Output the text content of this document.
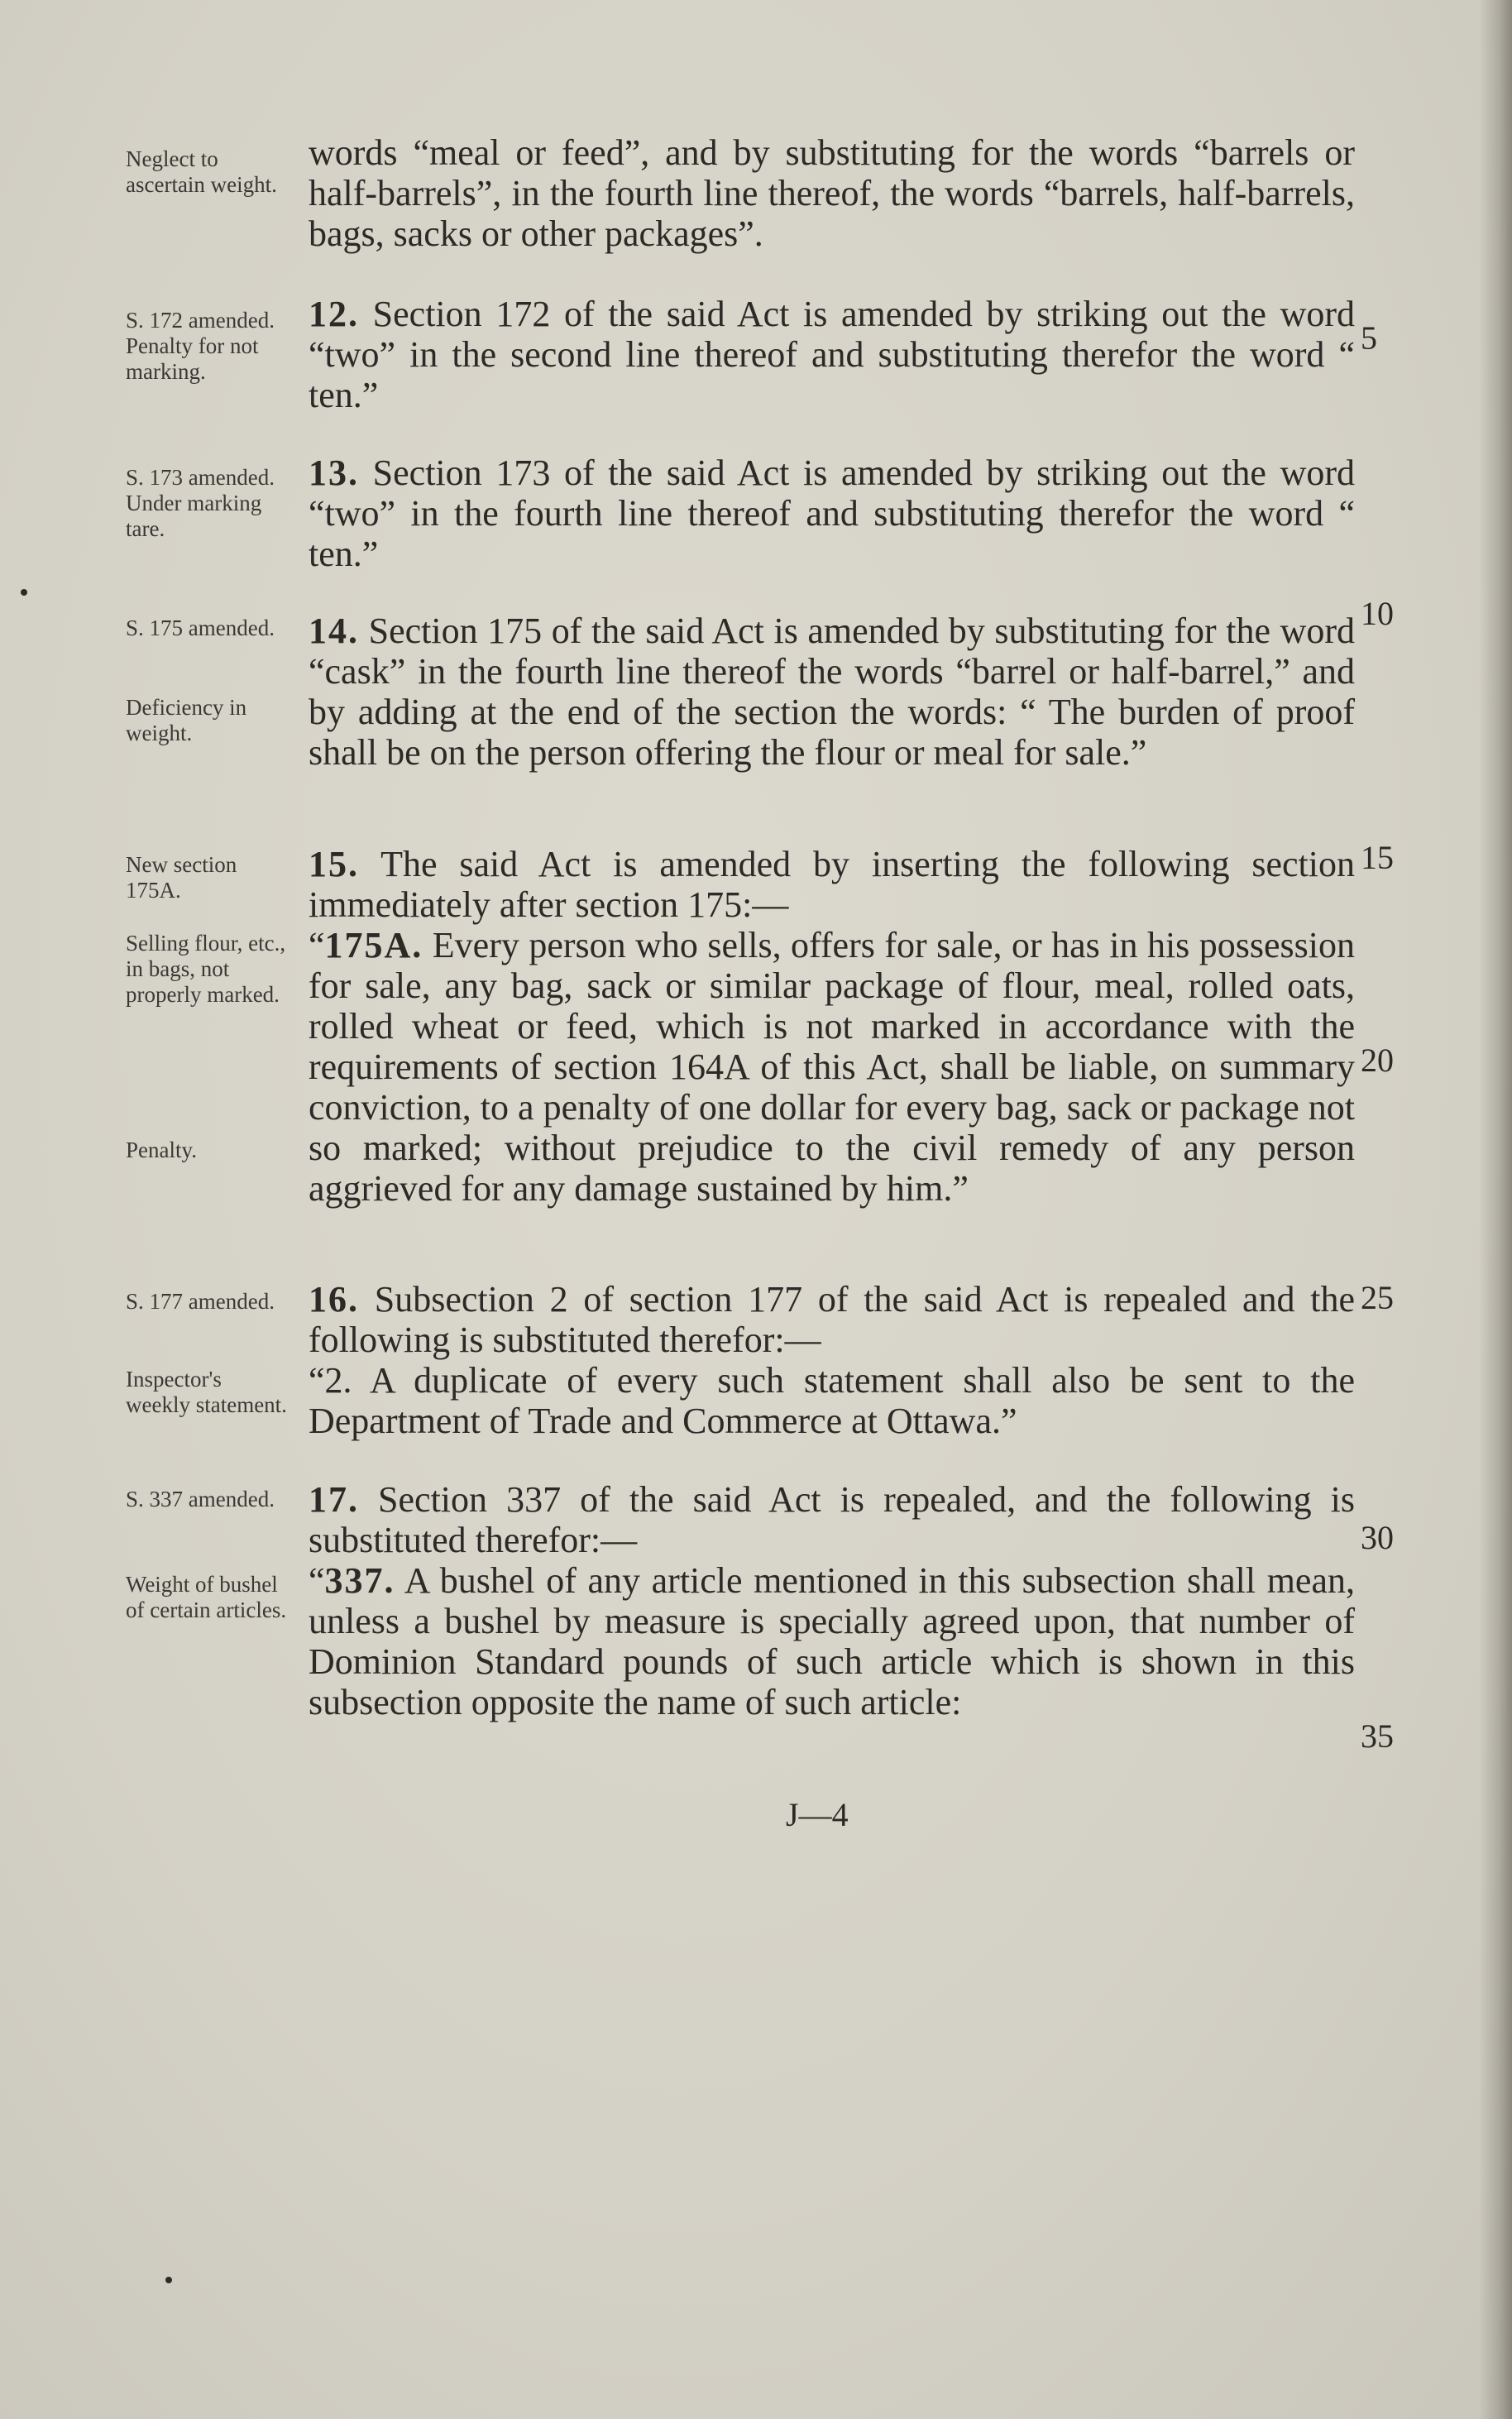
Neglect to ascertain weight.
S. 172 amended. Penalty for not marking.
S. 173 amended. Under marking tare.
S. 175 amended.
Deficiency in weight.
New section
175A.
Selling flour, etc., in bags, not properly marked.
Penalty.
S. 177 amended.
Inspector's weekly statement.
S. 337 amended.
Weight of bushel of certain articles.

words “meal or feed”, and by substituting for the words “barrels or half-barrels”, in the fourth line thereof, the words “barrels, half-barrels, bags, sacks or other packages”.

12. Section 172 of the said Act is amended by striking out the word “two” in the second line thereof and substituting therefor the word “ ten.”

13. Section 173 of the said Act is amended by striking out the word “two” in the fourth line thereof and substituting therefor the word “ ten.”

14. Section 175 of the said Act is amended by substituting for the word “cask” in the fourth line thereof the words “barrel or half-barrel,” and by adding at the end of the section the words: “ The burden of proof shall be on the person offering the flour or meal for sale.”

15. The said Act is amended by inserting the following section immediately after section 175:—

“175A. Every person who sells, offers for sale, or has in his possession for sale, any bag, sack or similar package of flour, meal, rolled oats, rolled wheat or feed, which is not marked in accordance with the requirements of section 164A of this Act, shall be liable, on summary conviction, to a penalty of one dollar for every bag, sack or package not so marked; without prejudice to the civil remedy of any person aggrieved for any damage sustained by him.”

16. Subsection 2 of section 177 of the said Act is repealed and the following is substituted therefor:—

“2. A duplicate of every such statement shall also be sent to the Department of Trade and Commerce at Ottawa.”

17. Section 337 of the said Act is repealed, and the following is substituted therefor:—

“337. A bushel of any article mentioned in this subsection shall mean, unless a bushel by measure is specially agreed upon, that number of Dominion Standard pounds of such article which is shown in this subsection opposite the name of such article:

5
10
15
20
25
30
35
J—4
